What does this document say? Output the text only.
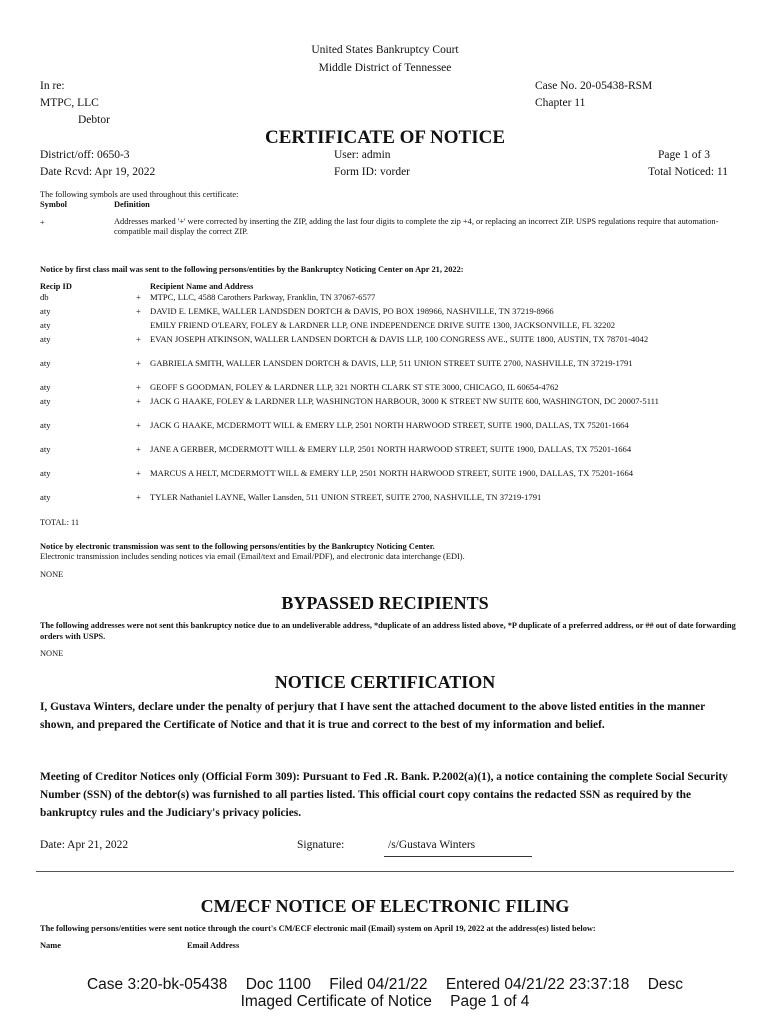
United States Bankruptcy Court
Middle District of Tennessee
In re:
MTPC, LLC
Debtor
Case No. 20-05438-RSM
Chapter 11
CERTIFICATE OF NOTICE
District/off: 0650-3
Date Rcvd: Apr 19, 2022
User: admin
Form ID: vorder
Page 1 of 3
Total Noticed: 11
The following symbols are used throughout this certificate:
Symbol	Definition
+	Addresses marked '+' were corrected by inserting the ZIP, adding the last four digits to complete the zip +4, or replacing an incorrect ZIP. USPS regulations require that automation-compatible mail display the correct ZIP.
Notice by first class mail was sent to the following persons/entities by the Bankruptcy Noticing Center on Apr 21, 2022:
Recip ID	Recipient Name and Address
db	+	MTPC, LLC, 4588 Carothers Parkway, Franklin, TN 37067-6577
aty	+	DAVID E. LEMKE, WALLER LANDSDEN DORTCH & DAVIS, PO BOX 198966, NASHVILLE, TN 37219-8966
aty	EMILY FRIEND O'LEARY, FOLEY & LARDNER LLP, ONE INDEPENDENCE DRIVE SUITE 1300, JACKSONVILLE, FL 32202
aty	+	EVAN JOSEPH ATKINSON, WALLER LANDSEN DORTCH & DAVIS LLP, 100 CONGRESS AVE., SUITE 1800, AUSTIN, TX 78701-4042
aty	+	GABRIELA SMITH, WALLER LANSDEN DORTCH & DAVIS, LLP, 511 UNION STREET SUITE 2700, NASHVILLE, TN 37219-1791
aty	+	GEOFF S GOODMAN, FOLEY & LARDNER LLP, 321 NORTH CLARK ST STE 3000, CHICAGO, IL 60654-4762
aty	+	JACK G HAAKE, FOLEY & LARDNER LLP, WASHINGTON HARBOUR, 3000 K STREET NW SUITE 600, WASHINGTON, DC 20007-5111
aty	+	JACK G HAAKE, MCDERMOTT WILL & EMERY LLP, 2501 NORTH HARWOOD STREET, SUITE 1900, DALLAS, TX 75201-1664
aty	+	JANE A GERBER, MCDERMOTT WILL & EMERY LLP, 2501 NORTH HARWOOD STREET, SUITE 1900, DALLAS, TX 75201-1664
aty	+	MARCUS A HELT, MCDERMOTT WILL & EMERY LLP, 2501 NORTH HARWOOD STREET, SUITE 1900, DALLAS, TX 75201-1664
aty	+	TYLER Nathaniel LAYNE, Waller Lansden, 511 UNION STREET, SUITE 2700, NASHVILLE, TN 37219-1791
TOTAL: 11
Notice by electronic transmission was sent to the following persons/entities by the Bankruptcy Noticing Center.
Electronic transmission includes sending notices via email (Email/text and Email/PDF), and electronic data interchange (EDI).
NONE
BYPASSED RECIPIENTS
The following addresses were not sent this bankruptcy notice due to an undeliverable address, *duplicate of an address listed above, *P duplicate of a preferred address, or ## out of date forwarding orders with USPS.
NONE
NOTICE CERTIFICATION
I, Gustava Winters, declare under the penalty of perjury that I have sent the attached document to the above listed entities in the manner shown, and prepared the Certificate of Notice and that it is true and correct to the best of my information and belief.
Meeting of Creditor Notices only (Official Form 309): Pursuant to Fed .R. Bank. P.2002(a)(1), a notice containing the complete Social Security Number (SSN) of the debtor(s) was furnished to all parties listed. This official court copy contains the redacted SSN as required by the bankruptcy rules and the Judiciary's privacy policies.
Date: Apr 21, 2022	Signature:	/s/Gustava Winters
CM/ECF NOTICE OF ELECTRONIC FILING
The following persons/entities were sent notice through the court's CM/ECF electronic mail (Email) system on April 19, 2022 at the address(es) listed below:
Name	Email Address
Case 3:20-bk-05438 Doc 1100 Filed 04/21/22 Entered 04/21/22 23:37:18 Desc
Imaged Certificate of Notice Page 1 of 4
